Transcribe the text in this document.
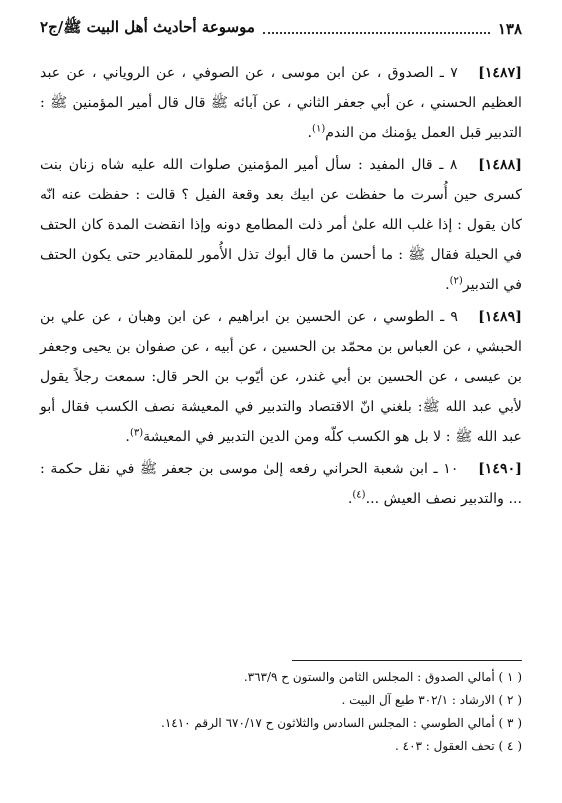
١٣٨
موسوعة أحاديث أهل البيت ﷺ/ج٢

[١٤٨٧] ٧ ـ الصدوق ، عن ابن موسى ، عن الصوفي ، عن الروياني ، عن عبد العظيم الحسني ، عن أبي جعفر الثاني ، عن آبائه ﷺ قال قال أمير المؤمنين ﷺ : التدبير قبل العمل يؤمنك من الندم$^{(١)}$.

[١٤٨٨] ٨ ـ قال المفيد : سأل أمير المؤمنين صلوات الله عليه شاه زنان بنت كسرى حين أُسرت ما حفظت عن ابيك بعد وقعة الفيل ؟ قالت : حفظت عنه انّه كان يقول : إذا غلب الله علىٰ أمر ذلت المطامع دونه وإذا انقضت المدة كان الحتف في الحيلة فقال ﷺ : ما أحسن ما قال أبوك تذل الأُمور للمقادير حتى يكون الحتف في التدبير$^{(٢)}$.

[١٤٨٩] ٩ ـ الطوسي ، عن الحسين بن ابراهيم ، عن ابن وهبان ، عن علي بن الحبشي ، عن العباس بن محمّد بن الحسين ، عن أبيه ، عن صفوان بن يحيى وجعفر بن عيسى ، عن الحسين بن أبي غندر، عن أيّوب بن الحر قال: سمعت رجلاً يقول لأبي عبد الله ﷺ: بلغني انّ الاقتصاد والتدبير في المعيشة نصف الكسب فقال أبو عبد الله ﷺ : لا بل هو الكسب كلّه ومن الدين التدبير في المعيشة$^{(٣)}$.

[١٤٩٠] ١٠ ـ ابن شعبة الحراني رفعه إلىٰ موسى بن جعفر ﷺ في نقل حكمة : ... والتدبير نصف العيش ...$^{(٤)}$.

( ١ ) أمالي الصدوق : المجلس الثامن والستون ح ٣٦٣/٩.
( ٢ ) الارشاد : ٣٠٢/١ طبع آل البيت .
( ٣ ) أمالي الطوسي : المجلس السادس والثلاثون ح ٦٧٠/١٧ الرقم ١٤١٠.
( ٤ ) تحف العقول : ٤٠٣ .
